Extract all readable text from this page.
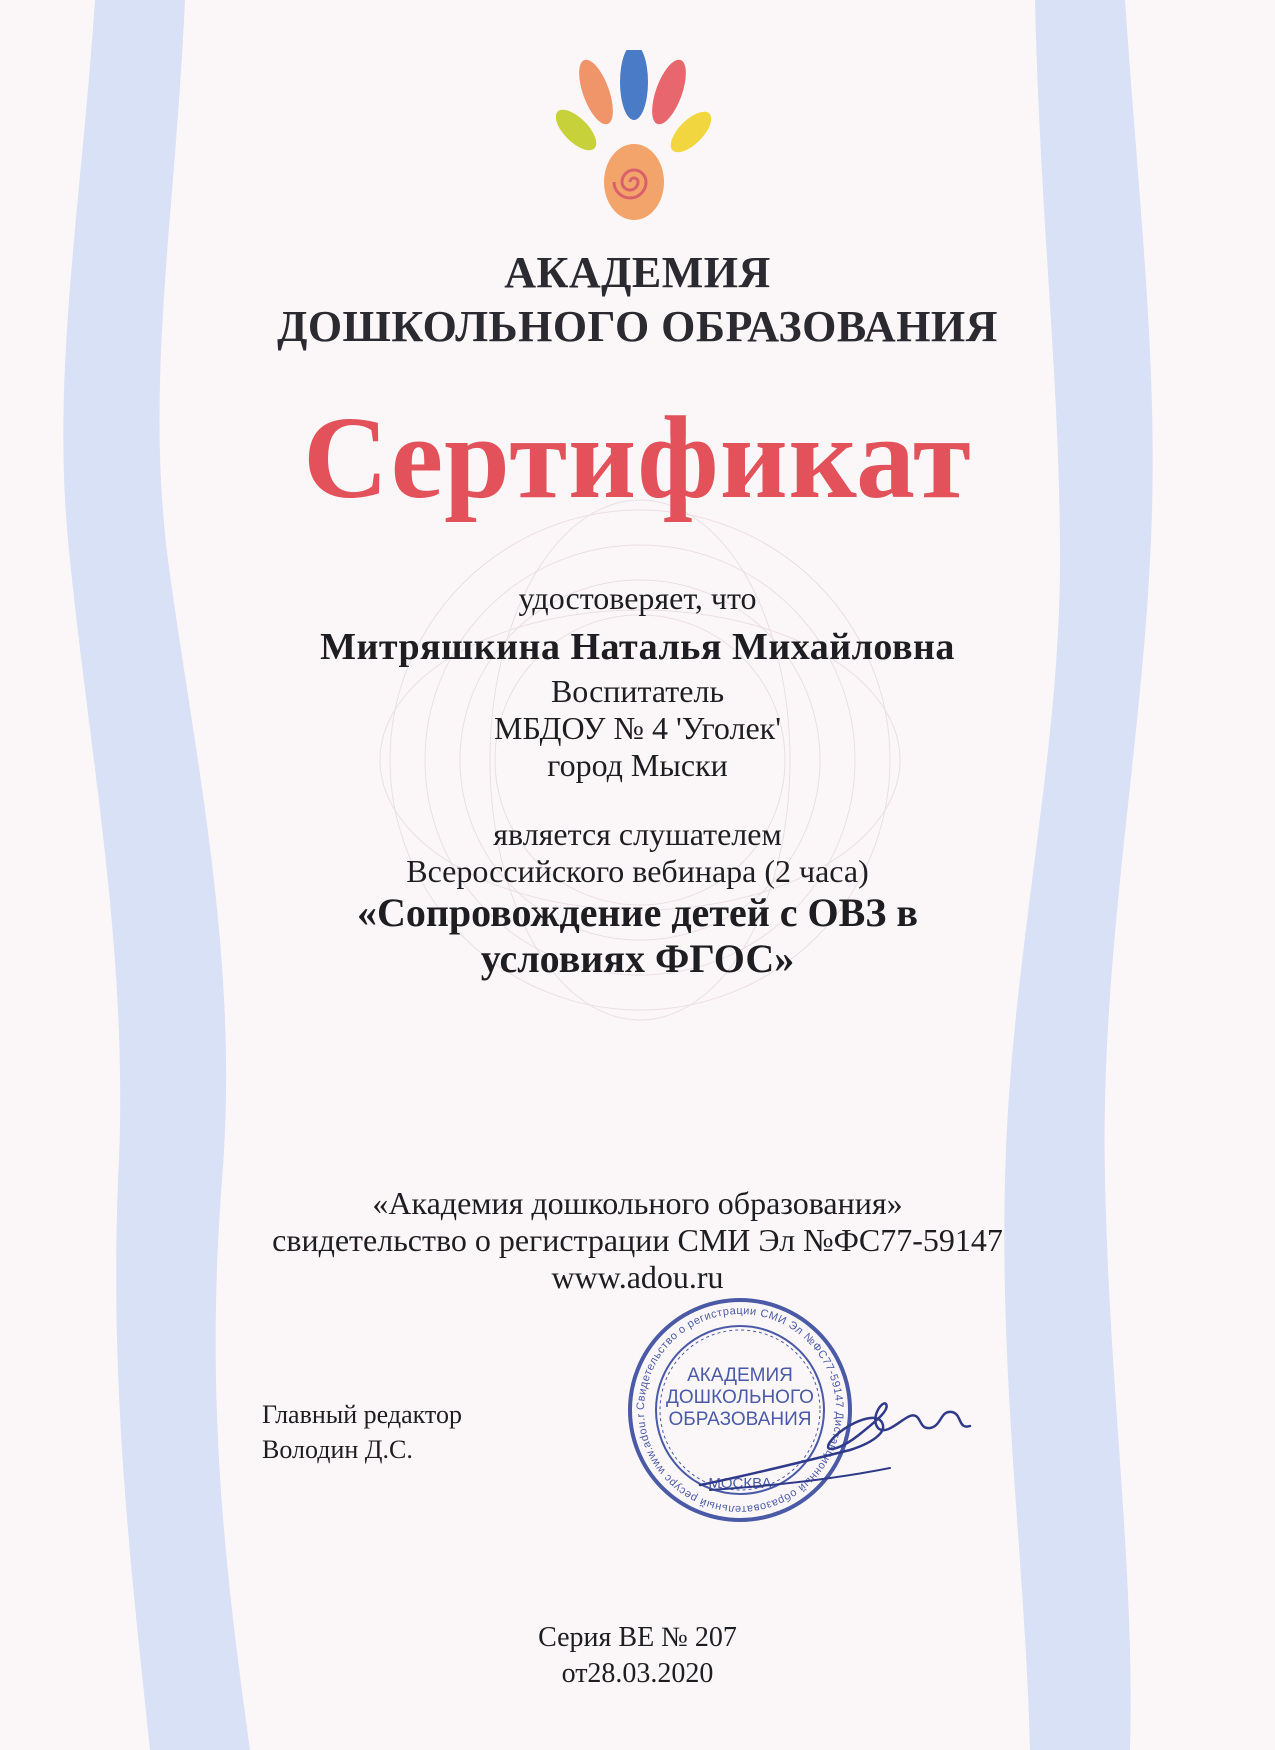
АКАДЕМИЯ
ДОШКОЛЬНОГО ОБРАЗОВАНИЯ
Сертификат
удостоверяет, что
Митряшкина Наталья Михайловна
Воспитатель
МБДОУ № 4 'Уголек'
город Мыски
является слушателем
Всероссийского вебинара (2 часа)
«Сопровождение детей с ОВЗ в
условиях ФГОС»
«Академия дошкольного образования»
свидетельство о регистрации СМИ Эл №ФС77-59147
www.adou.ru
Главный редактор
Володин Д.С.
Свидетельство о регистрации СМИ Эл №ФС77-59147 Дистанционный образовательный ресурс www.adou.r
АКАДЕМИЯ
ДОШКОЛЬНОГО
ОБРАЗОВАНИЯ
МОСКВА
Серия ВЕ № 207
от28.03.2020
